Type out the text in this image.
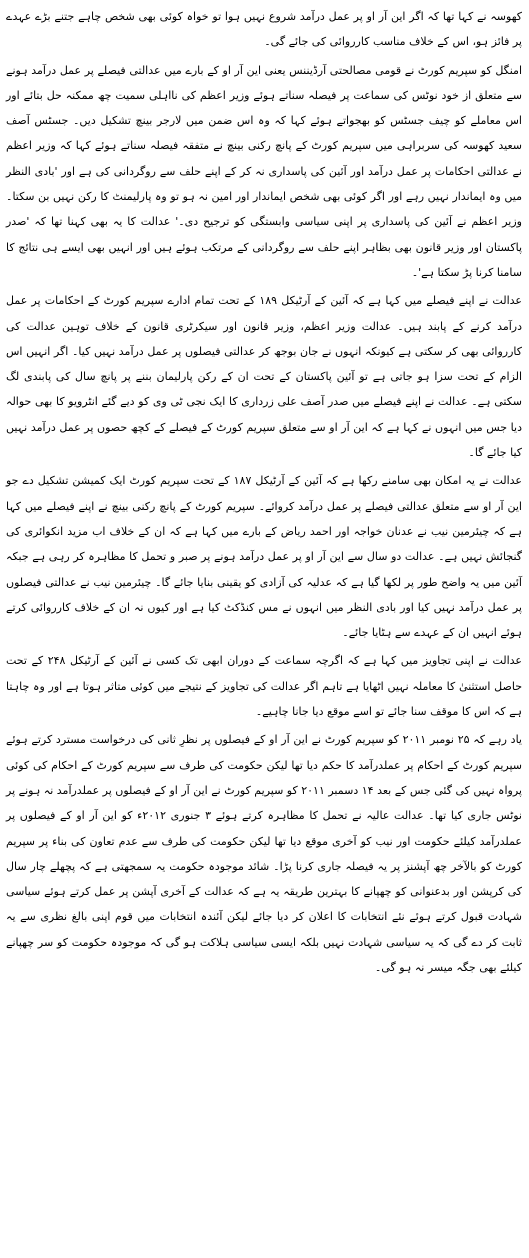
کھوسہ نے کہا تھا کہ اگر این آر او پر عمل درآمد شروع نہیں ہوا تو خواہ کوئی بھی شخص چاہے جتنے بڑے عہدے پر فائز ہو، اس کے خلاف مناسب کارروائی کی جائے گی۔

امنگل کو سپریم کورٹ نے قومی مصالحتی آرڈیننس یعنی این آر او کے بارے میں عدالتی فیصلے پر عمل درآمد ہونے سے متعلق از خود نوٹس کی سماعت پر فیصلہ سناتے ہوئے وزیر اعظم کی نااہلی سمیت چھ ممکنہ حل بتائے اور اس معاملے کو چیف جسٹس کو بھجواتے ہوئے کہا کہ وہ اس ضمن میں لارجر بینچ تشکیل دیں۔ جسٹس آصف سعید کھوسہ کی سربراہی میں سپریم کورٹ کے پانچ رکنی بینچ نے متفقہ فیصلہ سناتے ہوئے کہا کہ وزیر اعظم نے عدالتی احکامات پر عمل درآمد اور آئین کی پاسداری نہ کر کے اپنے حلف سے روگردانی کی ہے اور 'بادی النظر میں وہ ایماندار نہیں رہے اور اگر کوئی بھی شخص ایماندار اور امین نہ ہو تو وہ پارلیمنٹ کا رکن نہیں بن سکتا۔ وزیر اعظم نے آئین کی پاسداری پر اپنی سیاسی وابستگی کو ترجیح دی۔' عدالت کا یہ بھی کہنا تھا کہ 'صدر پاکستان اور وزیر قانون بھی بظاہر اپنے حلف سے روگردانی کے مرتکب ہوئے ہیں اور انہیں بھی ایسے ہی نتائج کا سامنا کرنا پڑ سکتا ہے'۔

عدالت نے اپنے فیصلے میں کہا ہے کہ آئین کے آرٹیکل ۱۸۹ کے تحت تمام ادارے سپریم کورٹ کے احکامات پر عمل درآمد کرنے کے پابند ہیں۔ عدالت وزیر اعظم، وزیر قانون اور سیکرٹری قانون کے خلاف توہین عدالت کی کارروائی بھی کر سکتی ہے کیونکہ انہوں نے جان بوجھ کر عدالتی فیصلوں پر عمل درآمد نہیں کیا۔ اگر انہیں اس الزام کے تحت سزا ہو جاتی ہے تو آئین پاکستان کے تحت ان کے رکن پارلیمان بننے پر پانچ سال کی پابندی لگ سکتی ہے۔ عدالت نے اپنے فیصلے میں صدر آصف علی زرداری کا ایک نجی ٹی وی کو دیے گئے انٹرویو کا بھی حوالہ دیا جس میں انہوں نے کہا ہے کہ این آر او سے متعلق سپریم کورٹ کے فیصلے کے کچھ حصوں پر عمل درآمد نہیں کیا جائے گا۔

عدالت نے یہ امکان بھی سامنے رکھا ہے کہ آئین کے آرٹیکل ۱۸۷ کے تحت سپریم کورٹ ایک کمیشن تشکیل دے جو این آر او سے متعلق عدالتی فیصلے پر عمل درآمد کروائے۔ سپریم کورٹ کے پانچ رکنی بینچ نے اپنے فیصلے میں کہا ہے کہ چیئرمین نیب نے عدنان خواجہ اور احمد ریاض کے بارے میں کہا ہے کہ ان کے خلاف اب مزید انکوائری کی گنجائش نہیں ہے۔ عدالت دو سال سے این آر او پر عمل درآمد ہونے پر صبر و تحمل کا مظاہرہ کر رہی ہے جبکہ آئین میں یہ واضح طور پر لکھا گیا ہے کہ عدلیہ کی آزادی کو یقینی بنایا جائے گا۔ چیئرمین نیب نے عدالتی فیصلوں پر عمل درآمد نہیں کیا اور بادی النظر میں انہوں نے مس کنڈکٹ کیا ہے اور کیوں نہ ان کے خلاف کارروائی کرتے ہوئے انہیں ان کے عہدے سے ہٹایا جائے۔

عدالت نے اپنی تجاویز میں کہا ہے کہ اگرچہ سماعت کے دوران ابھی تک کسی نے آئین کے آرٹیکل ۲۴۸ کے تحت حاصل استثنیٰ کا معاملہ نہیں اٹھایا ہے تاہم اگر عدالت کی تجاویز کے نتیجے میں کوئی متاثر ہوتا ہے اور وہ چاہتا ہے کہ اس کا موقف سنا جائے تو اسے موقع دیا جانا چاہیے۔

یاد رہے کہ ۲۵ نومبر ۲۰۱۱ کو سپریم کورٹ نے این آر او کے فیصلوں پر نظرِ ثانی کی درخواست مسترد کرتے ہوئے سپریم کورٹ کے احکام پر عملدرآمد کا حکم دیا تھا لیکن حکومت کی طرف سے سپریم کورٹ کے احکام کی کوئی پرواہ نہیں کی گئی جس کے بعد ۱۴ دسمبر ۲۰۱۱ کو سپریم کورٹ نے این آر او کے فیصلوں پر عملدرآمد نہ ہونے پر نوٹس جاری کیا تھا۔ عدالت عالیہ نے تحمل کا مظاہرہ کرتے ہوئے ۳ جنوری ۲۰۱۲ء کو این آر او کے فیصلوں پر عملدرآمد کیلئے حکومت اور نیب کو آخری موقع دیا تھا لیکن حکومت کی طرف سے عدم تعاون کی بناء پر سپریم کورٹ کو بالآخر چھ آپشنز پر یہ فیصلہ جاری کرنا پڑا۔ شائد موجودہ حکومت یہ سمجھتی ہے کہ پچھلے چار سال کی کرپشن اور بدعنوانی کو چھپانے کا بہترین طریقہ یہ ہے کہ عدالت کے آخری آپشن پر عمل کرتے ہوئے سیاسی شہادت قبول کرتے ہوئے نئے انتخابات کا اعلان کر دیا جائے لیکن آئندہ انتخابات میں قوم اپنی بالغ نظری سے یہ ثابت کر دے گی کہ یہ سیاسی شہادت نہیں بلکہ ایسی سیاسی ہلاکت ہو گی کہ موجودہ حکومت کو سر چھپانے کیلئے بھی جگہ میسر نہ ہو گی۔
